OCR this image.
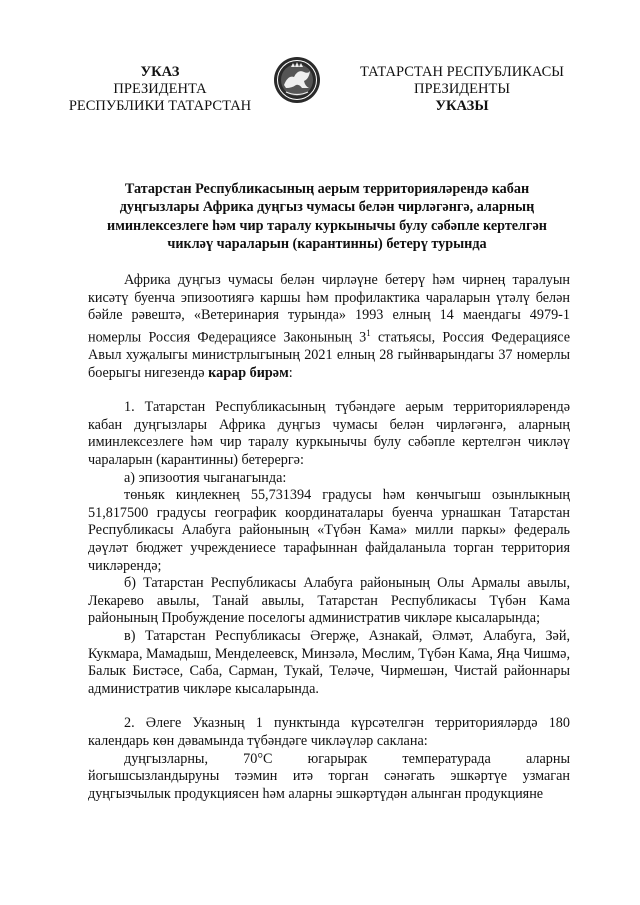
УКАЗ
ПРЕЗИДЕНТА
РЕСПУБЛИКИ ТАТАРСТАН
ТАТАРСТАН РЕСПУБЛИКАСЫ
ПРЕЗИДЕНТЫ
УКАЗЫ
Татарстан Республикасының аерым территорияләрендә кабан
дуңгызлары Африка дуңгыз чумасы белән чирләгәнгә, аларның
иминлексезлеге һәм чир таралу куркынычы булу сәбәпле кертелгән
чикләү чараларын (карантинны) бетерү турында

Африка дуңгыз чумасы белән чирләүне бетерү һәм чирнең таралуын кисәтү буенча эпизоотиягә каршы һәм профилактика чараларын үтәлү белән бәйле рәвештә, «Ветеринария турында» 1993 елның 14 маендагы 4979-1 номерлы Россия Федерациясе Законының $3^1$ статьясы, Россия Федерациясе Авыл хуҗалыгы министрлыгының 2021 елның 28 гыйнварындагы 37 номерлы боерыгы нигезендә карар бирәм:

1. Татарстан Республикасының түбәндәге аерым территорияләрендә кабан дуңгызлары Африка дуңгыз чумасы белән чирләгәнгә, аларның иминлексезлеге һәм чир таралу куркынычы булу сәбәпле кертелгән чикләү чараларын (карантинны) бетерергә:

а) эпизоотия чыганагында:

төньяк киңлекнең 55,731394 градусы һәм көнчыгыш озынлыкның 51,817500 градусы географик координаталары буенча урнашкан Татарстан Республикасы Алабуга районының «Түбән Кама» милли паркы» федераль дәүләт бюджет учреждениесе тарафыннан файдаланыла торган территория чикләрендә;

б) Татарстан Республикасы Алабуга районының Олы Армалы авылы, Лекарево авылы, Танай авылы, Татарстан Республикасы Түбән Кама районының Пробуждение поселогы административ чикләре кысаларында;

в) Татарстан Республикасы Әгерҗе, Азнакай, Әлмәт, Алабуга, Зәй, Кукмара, Мамадыш, Менделеевск, Минзәлә, Мөслим, Түбән Кама, Яңа Чишмә, Балык Бистәсе, Саба, Сарман, Тукай, Теләче, Чирмешән, Чистай районнары административ чикләре кысаларында.

2. Әлеге Указның 1 пунктында күрсәтелгән территорияләрдә 180 календарь көн дәвамында түбәндәге чикләүләр саклана:

дуңгызларны, 70°С югарырак температурада аларны йогышсызландыруны тәэмин итә торган сәнәгать эшкәртүе узмаган дуңгызчылык продукциясен һәм аларны эшкәртүдән алынган продукцияне
